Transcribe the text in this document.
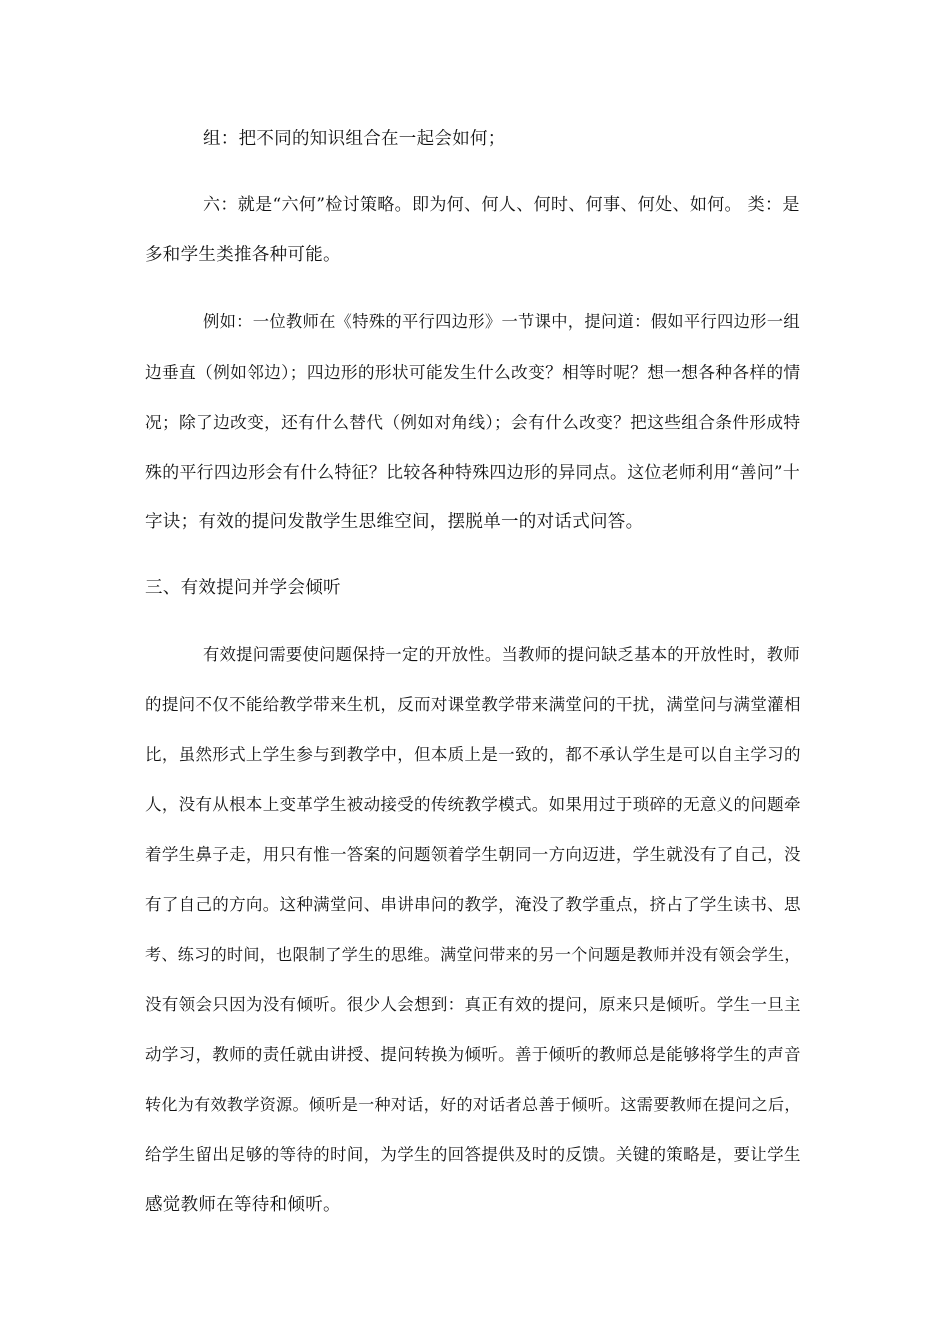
组：把不同的知识组合在一起会如何；
六：就是“六何”检讨策略。即为何、何人、何时、何事、何处、如何。 类：是
多和学生类推各种可能。
例如：一位教师在《特殊的平行四边形》一节课中，提问道：假如平行四边形一组
边垂直（例如邻边）；四边形的形状可能发生什么改变？相等时呢？想一想各种各样的情
况；除了边改变，还有什么替代（例如对角线）；会有什么改变？把这些组合条件形成特
殊的平行四边形会有什么特征？比较各种特殊四边形的异同点。这位老师利用“善问”十
字诀；有效的提问发散学生思维空间，摆脱单一的对话式问答。
三、有效提问并学会倾听
有效提问需要使问题保持一定的开放性。当教师的提问缺乏基本的开放性时，教师
的提问不仅不能给教学带来生机，反而对课堂教学带来满堂问的干扰，满堂问与满堂灌相
比，虽然形式上学生参与到教学中，但本质上是一致的，都不承认学生是可以自主学习的
人，没有从根本上变革学生被动接受的传统教学模式。如果用过于琐碎的无意义的问题牵
着学生鼻子走，用只有惟一答案的问题领着学生朝同一方向迈进，学生就没有了自己，没
有了自己的方向。这种满堂问、串讲串问的教学，淹没了教学重点，挤占了学生读书、思
考、练习的时间，也限制了学生的思维。满堂问带来的另一个问题是教师并没有领会学生，
没有领会只因为没有倾听。很少人会想到：真正有效的提问，原来只是倾听。学生一旦主
动学习，教师的责任就由讲授、提问转换为倾听。善于倾听的教师总是能够将学生的声音
转化为有效教学资源。倾听是一种对话，好的对话者总善于倾听。这需要教师在提问之后，
给学生留出足够的等待的时间，为学生的回答提供及时的反馈。关键的策略是，要让学生
感觉教师在等待和倾听。
